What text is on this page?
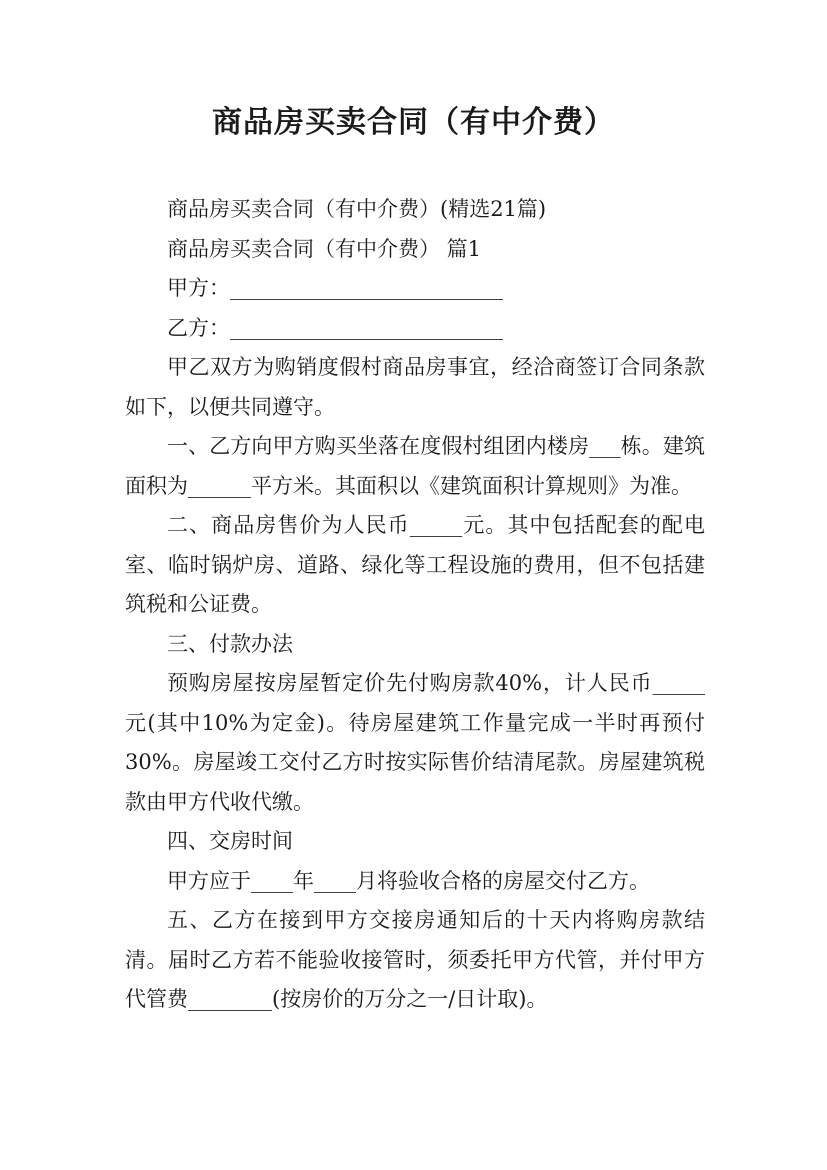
商品房买卖合同（有中介费）

商品房买卖合同（有中介费）(精选21篇)

商品房买卖合同（有中介费） 篇1

甲方：__________________________

乙方：__________________________

甲乙双方为购销度假村商品房事宜，经洽商签订合同条款如下，以便共同遵守。

一、乙方向甲方购买坐落在度假村组团内楼房___栋。建筑面积为______平方米。其面积以《建筑面积计算规则》为准。

二、商品房售价为人民币_____元。其中包括配套的配电室、临时锅炉房、道路、绿化等工程设施的费用，但不包括建筑税和公证费。

三、付款办法

预购房屋按房屋暂定价先付购房款40%，计人民币_____元(其中10%为定金)。待房屋建筑工作量完成一半时再预付30%。房屋竣工交付乙方时按实际售价结清尾款。房屋建筑税款由甲方代收代缴。

四、交房时间

甲方应于____年____月将验收合格的房屋交付乙方。

五、乙方在接到甲方交接房通知后的十天内将购房款结清。届时乙方若不能验收接管时，须委托甲方代管，并付甲方代管费________(按房价的万分之一/日计取)。
